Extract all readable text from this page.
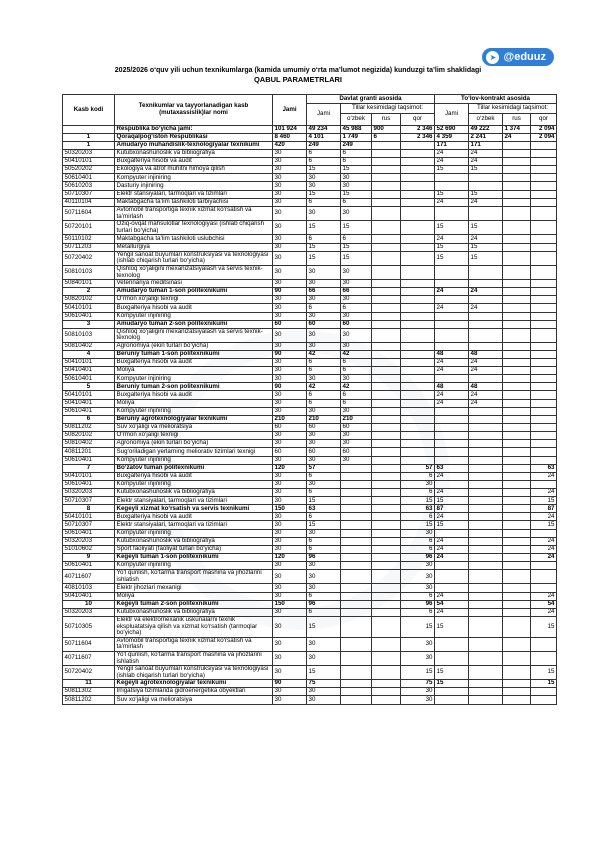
➤ @eduuz
2025/2026 o‘quv yili uchun texnikumlarga (kamida umumiy o‘rta ma’lumot negizida) kunduzgi ta’lim shaklidagi
QABUL PARAMETRLARI
Kasb kodi	Texnikumlar va tayyorlanadigan kasb (mutaxassislik)lar nomi	Jami	Davlat granti asosida				To‘lov-kontrakt asosida			
			Jami	Tillar kesimidagi taqsimot:			Jami	Tillar kesimidagi taqsimot:		
				o‘zbek	rus	qor		o‘zbek	rus	qor
	Respublika bo‘yicha jami:	101 924	49 234	45 988	900	2 346	52 690	49 222	1 374	2 094
1	Qoraqalpog‘iston Respublikasi	8 460	4 101	1 749	6	2 346	4 359	2 241	24	2 094
1	Amudaryo muhandislik-texnologiyalar texnikumi	420	249	249			171	171		
50320203	Kutubxonashunoslik va bibliografiya	30	6	6			24	24		
50410101	Buxgalteriya hisobi va audit	30	6	6			24	24		
50520202	Ekologiya va atrof muhitni himoya qilish	30	15	15			15	15		
50610401	Kompyuter injiniring	30	30	30						
50610203	Dasturiy injiniring	30	30	30						
50710307	Elektr stansiyalari, tarmoqlari va tizimlari	30	15	15			15	15		
40110104	Maktabgacha ta’lim tashkiloti tarbiyachisi	30	6	6			24	24		
50711604	Avtomobil transportiga texnik xizmat ko‘rsatish va ta’mirlash	30	30	30						
50720101	Oziq-ovqat mahsulotlar texnologiyasi (ishlab chiqarish turlari bo‘yicha)	30	15	15			15	15		
50110102	Maktabgacha ta’lim tashkiloti uslubchisi	30	6	6			24	24		
50711203	Metallurgiya	30	15	15			15	15		
50720402	Yengil sanoat buyumlari konstruksiyasi va texnologiyasi (ishlab chiqarish turlari bo‘yicha)	30	15	15			15	15		
50810103	Qishloq xo‘jaligini mexanizatsiyalash va servis texnik-texnolog	30	30	30						
50840101	Veterinariya meditsinasi	30	30	30						
2	Amudaryo tuman 1-son politexnikumi	90	66	66			24	24		
50820102	O‘rmon xo‘jaligi texnigi	30	30	30						
50410101	Buxgalteriya hisobi va audit	30	6	6			24	24		
50610401	Kompyuter injiniring	30	30	30						
3	Amudaryo tuman 2-son politexnikumi	60	60	60						
50810103	Qishloq xo‘jaligini mexanizatsiyalash va servis texnik-texnolog	30	30	30						
50810402	Agronomiya (ekin turlari bo‘yicha)	30	30	30						
4	Beruniy tuman 1-son politexnikumi	90	42	42			48	48		
50410101	Buxgalteriya hisobi va audit	30	6	6			24	24		
50410401	Moliya	30	6	6			24	24		
50610401	Kompyuter injiniring	30	30	30						
5	Beruniy tuman 2-son politexnikumi	90	42	42			48	48		
50410101	Buxgalteriya hisobi va audit	30	6	6			24	24		
50410401	Moliya	30	6	6			24	24		
50610401	Kompyuter injiniring	30	30	30						
6	Beruniy agrotexnologiyalar texnikumi	210	210	210						
50811202	Suv xo‘jaligi va melioratsiya	60	60	60						
50820102	O‘rmon xo‘jaligi texnigi	30	30	30						
50810402	Agronomiya (ekin turlari bo‘yicha)	30	30	30						
40811201	Sug‘oriladigan yerlarning meliorativ tizimlari texnigi	60	60	60						
50610401	Kompyuter injiniring	30	30	30						
7	Bo‘zatov tuman politexnikumi	120	57			57	63			63
50410101	Buxgalteriya hisobi va audit	30	6			6	24			24
50610401	Kompyuter injiniring	30	30			30				
50320203	Kutubxonashunoslik va bibliografiya	30	6			6	24			24
50710307	Elektr stansiyalari, tarmoqlari va tizimlari	30	15			15	15			15
8	Kegeyli xizmat ko‘rsatish va servis texnikumi	150	63			63	87			87
50410101	Buxgalteriya hisobi va audit	30	6			6	24			24
50710307	Elektr stansiyalari, tarmoqlari va tizimlari	30	15			15	15			15
50610401	Kompyuter injiniring	30	30			30				
50320203	Kutubxonashunoslik va bibliografiya	30	6			6	24			24
51010602	Sport faoliyati (faoliyat turlari bo‘yicha)	30	6			6	24			24
9	Kegeyli tuman 1-son politexnikumi	120	96			96	24			24
50610401	Kompyuter injiniring	30	30			30				
40711607	Yo‘l qurilish, ko‘tarma transport mashina va jihozlarini ishlatish	30	30			30				
40810103	Elektr jihozlari mexanigi	30	30			30				
50410401	Moliya	30	6			6	24			24
10	Kegeyli tuman 2-son politexnikumi	150	96			96	54			54
50320203	Kutubxonashunoslik va bibliografiya	30	6			6	24			24
50710305	Elektr va elektromexanik uskunalarni texnik ekspluatatsiya qilish va xizmat ko‘rsatish (tarmoqlar bo‘yicha)	30	15			15	15			15
50711604	Avtomobil transportiga texnik xizmat ko‘rsatish va ta’mirlash	30	30			30				
40711607	Yo‘l qurilish, ko‘tarma transport mashina va jihozlarini ishlatish	30	30			30				
50720402	Yengil sanoat buyumlari konstruksiyasi va texnologiyasi (ishlab chiqarish turlari bo‘yicha)	30	15			15	15			15
11	Kegeyli agrotexnologiyalar texnikumi	90	75			75	15			15
50811302	Irrigatsiya tizimlarida gidroenergetika obyektlari	30	30			30				
50811202	Suv xo‘jaligi va melioratsiya	30	30			30				
